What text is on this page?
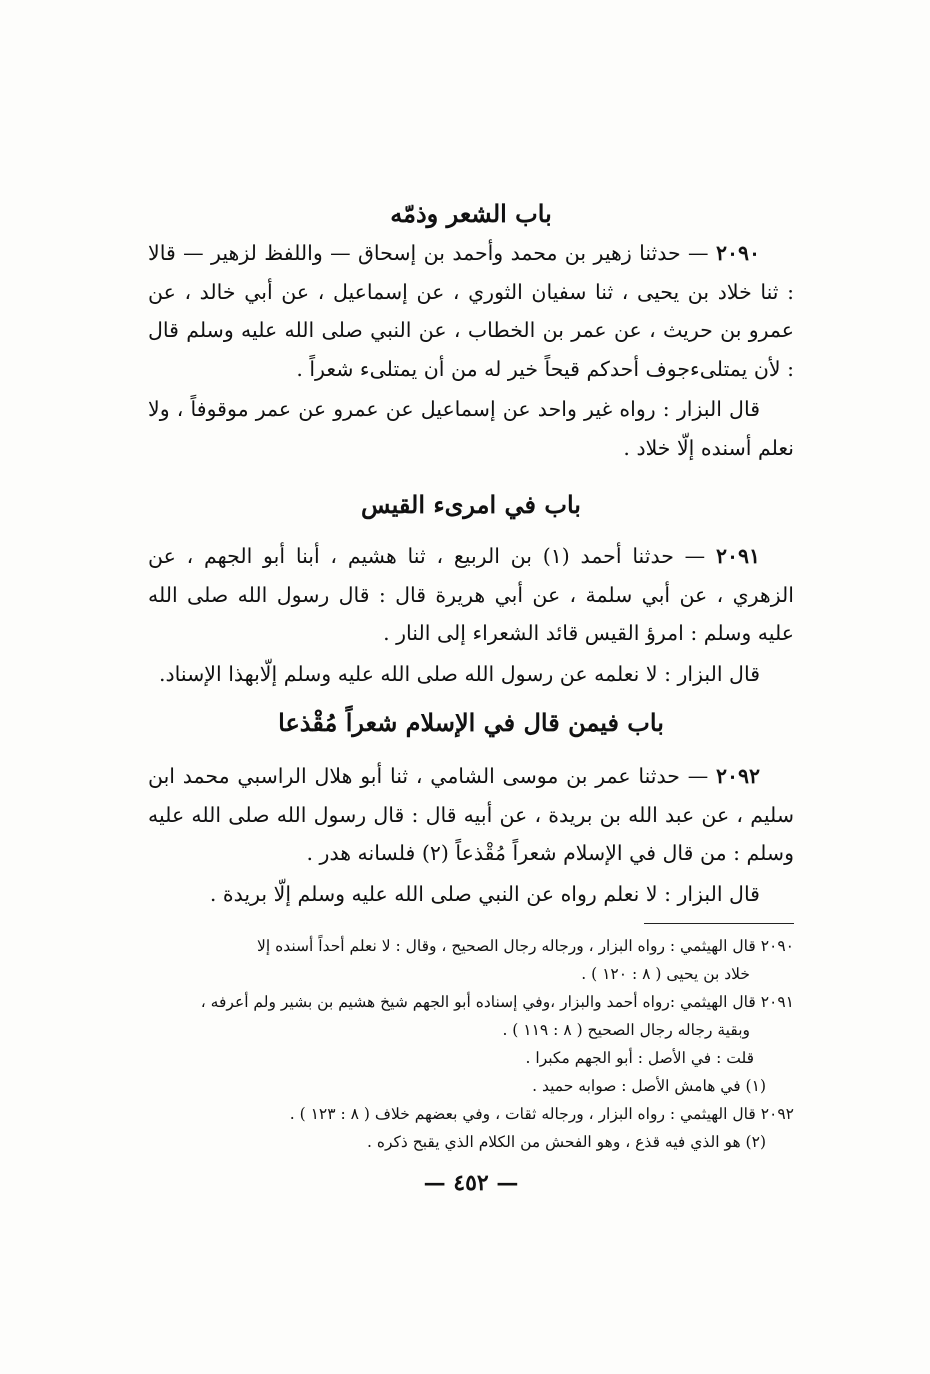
باب الشعر وذمّه

٢٠٩٠ — حدثنا زهير بن محمد وأحمد بن إسحاق — واللفظ لزهير — قالا : ثنا خلاد بن يحيى ، ثنا سفيان الثوري ، عن إسماعيل ، عن أبي خالد ، عن عمرو بن حريث ، عن عمر بن الخطاب ، عن النبي صلى الله عليه وسلم قال : لأن يمتلىءجوف أحدكم قيحاً خير له من أن يمتلىء شعراً .

قال البزار : رواه غير واحد عن إسماعيل عن عمرو عن عمر موقوفاً ، ولا نعلم أسنده إلّا خلاد .

باب في امرىء القيس

٢٠٩١ — حدثنا أحمد (١) بن الربيع ، ثنا هشيم ، أبنا أبو الجهم ، عن الزهري ، عن أبي سلمة ، عن أبي هريرة قال : قال رسول الله صلى الله عليه وسلم : امرؤ القيس قائد الشعراء إلى النار .

قال البزار : لا نعلمه عن رسول الله صلى الله عليه وسلم إلّابهذا الإسناد.

باب فيمن قال في الإسلام شعراً مُقْذعا

٢٠٩٢ — حدثنا عمر بن موسى الشامي ، ثنا أبو هلال الراسبي محمد ابن سليم ، عن عبد الله بن بريدة ، عن أبيه قال : قال رسول الله صلى الله عليه وسلم : من قال في الإسلام شعراً مُقْذعاً (٢) فلسانه هدر .

قال البزار : لا نعلم رواه عن النبي صلى الله عليه وسلم إلّا بريدة .

٢٠٩٠ قال الهيثمي : رواه البزار ، ورجاله رجال الصحيح ، وقال : لا نعلم أحداً أسنده إلا

خلاد بن يحيى ( ٨ : ١٢٠ ) .

٢٠٩١ قال الهيثمي :رواه أحمد والبزار ،وفي إسناده أبو الجهم شيخ هشيم بن بشير ولم أعرفه ،

وبقية رجاله رجال الصحيح ( ٨ : ١١٩ ) .

قلت : في الأصل : أبو الجهم مكبرا .

(١) في هامش الأصل : صوابه حميد .

٢٠٩٢ قال الهيثمي : رواه البزار ، ورجاله ثقات ، وفي بعضهم خلاف ( ٨ : ١٢٣ ) .

(٢) هو الذي فيه قذع ، وهو الفحش من الكلام الذي يقبح ذكره .

— ٤٥٢ —
